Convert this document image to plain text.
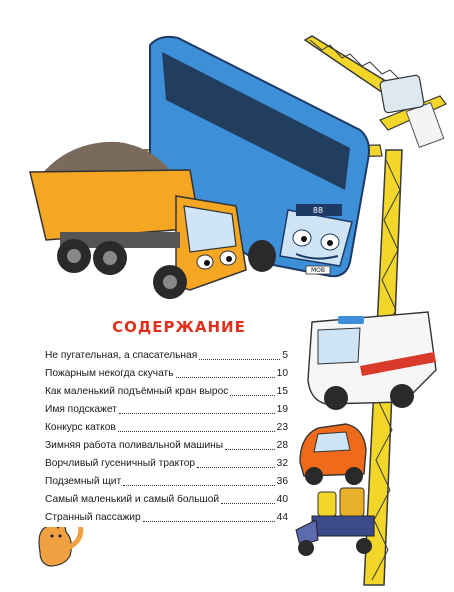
88
МОВ
СОДЕРЖАНИЕ
Не пугательная, а спасательная	5
Пожарным некогда скучать	10
Как маленький подъёмный кран вырос	15
Имя подскажет	19
Конкурс катков	23
Зимняя работа поливальной машины	28
Ворчливый гусеничный трактор	32
Подземный щит	36
Самый маленький и самый большой	40
Странный пассажир	44
